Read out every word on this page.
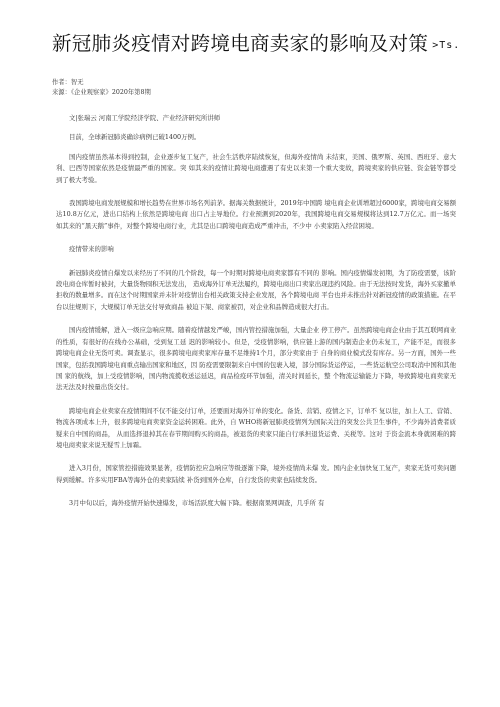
新冠肺炎疫情对跨境电商卖家的影响及对策 >Ts.
作者：智无
来源：《企业观察家》2020年第8期

文|张瑞云 河南工学院经济学院、产业经济研究所讲师

目前，全球新冠肺炎确诊病例已破1400万例。

国内疫情虽然基本得到控制，企业逐步复工复产，社会生活秩序陆续恢复，但海外疫情尚 未结束，美国、俄罗斯、英国、西班牙、意大利、巴西等国家依然是疫情最严重的国家。突 如其来的疫情让跨境电商遭遇了有史以来第一个重大变故，跨境卖家的供应链、资金链等都受 到了极大考验。

我国跨境电商发展规模和增长趋势在世界市场名列前茅。据海关数据统计，2019年中国跨 境电商企业训增超过6000家，跨境电商交易额达10.8万亿元，进出口结构上依然是跨境电商 出口占主导地位。行业预测到2020年，我国跨境电商交易规模将达到12.7万亿元。而一场突 如其来的“黑天鹅”事件，对整个跨境电商行业，尤其是出口跨境电商造成严重冲击，不少中 小卖家陷入经营困境。

疫情带来的影响

新冠肺炎疫情自爆发以来经历了不同的几个阶段，每一个时期对跨境电商卖家都有不同的 影响。国内疫情爆发初期，为了防疫需要，该阶段电商仓库暂时被封，大量货物囤积无法发出， 造成海外订单无法履约，跨境电商出口卖家出现违约风险。由于无法按时发货，海外买家撤单 拒收的数量增多。而在这个时期国家并未针对疫情出台相关政策支持企业发展，各个跨境电商 平台也并未推出针对新冠疫情的政策措施。在平台以往规则下，大规模订单无法交付导致商品 被迫下架、商家被罚，对企业和品牌造成很大打击。

国内疫情缓解，进入一级应急响应期。随着疫情越发严峻，国内管控措施加强，大量企业 停工停产。虽然跨境电商企业由于其互联网商业的性质，有很好的在线办公基础，受到复工延 迟的影响较小。但是，受疫情影响，供应链上游的国内制造企业仍未复工，产能不足，而很多 跨境电商企业无货可卖。调查显示，很多跨境电商卖家库存量不足维持1个月，部分卖家由于 自身的商业模式没有库存。另一方面，国外一些国家，包括我国跨境电商重点输出国家和地区，因 防疫需要限制来自中国的包裹入境，部分国际货运停运，一些货运航空公司取消中国和其他国 家的航线，加上受疫情影响，国内物流揽收送运延迟，商品检疫环节加强，清关时间延长，整 个物流运输能力下降，导致跨境电商卖家无法无法及时按量出货交付。

跨境电商企业卖家在疫情期间不仅不能交付订单，还要面对海外订单的变化。备货、营销、疫情之下，订单不 复以往，加上人工、营销、物流各项成本上升，很多跨境电商卖家资金运转困难。此外，自 WHO将新冠肺炎疫情列为国际关注的突发公共卫生事件，不少海外消费者质疑来自中国的商品， 从而选择退掉其在春节期间购买的商品，被退货的卖家只能自行承担退货运费、关税等。这对 于资金流本身就困难的跨境电商卖家来说无疑雪上加霜。

进入3月份，国家管控措施效果显著，疫情防控应急响应等级逐渐下降，境外疫情尚未爆 发。国内企业加快复工复产，卖家无货可卖问题得到缓解。许多实用FBA等海外仓的卖家陆续 补货到国外仓库，自行发货的卖家也陆续发货。

3月中旬以后，海外疫情开始快速爆发，市场活跃度大幅下降。根据南果网调查，几乎所 有
